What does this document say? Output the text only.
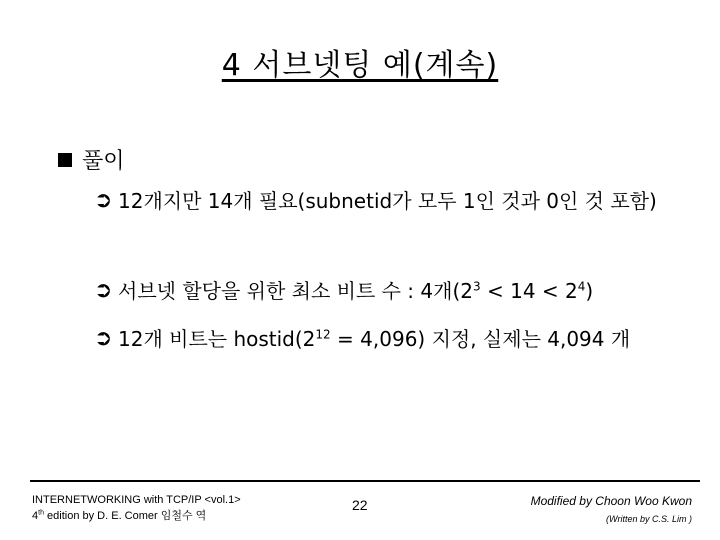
4 서브넷팅 예(계속)
풀이
➲ 12개지만 14개 필요(subnetid가 모두 1인 것과 0인 것 포함)
➲ 서브넷 할당을 위한 최소 비트 수 : 4개$(2^3 < 14 < 2^4)$
➲ 12개 비트는 $hostid(2^{12} = 4,096)$ 지정, 실제는 4,094 개
INTERNETWORKING with TCP/IP <vol.1>
4th edition by D. E. Comer 임철수 역
22	Modified by Choon Woo Kwon
(Written by C.S. Lim )
